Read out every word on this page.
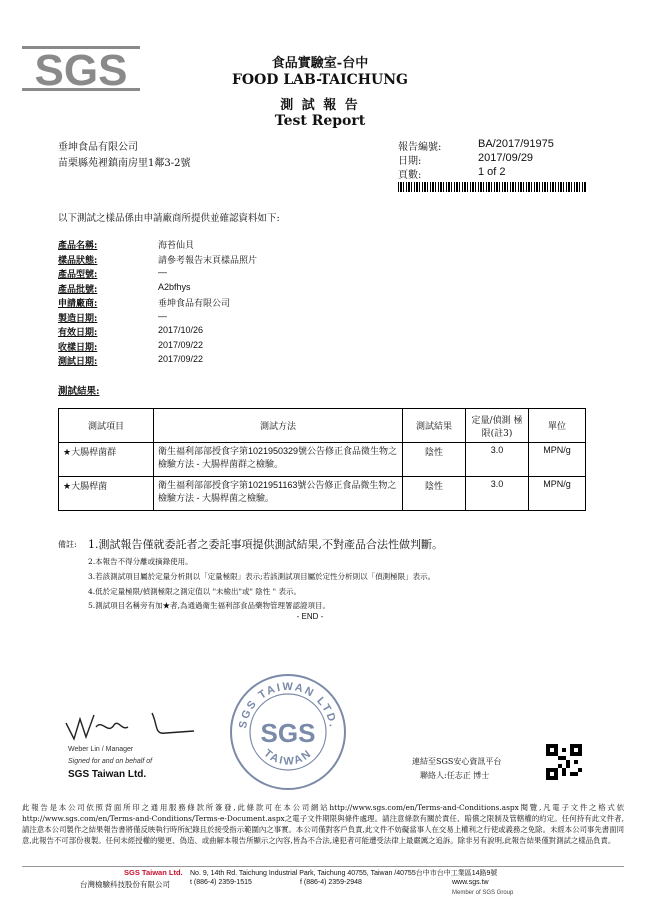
SGS	食品實驗室-台中
FOOD LAB-TAICHUNG
測 試 報 告
Test Report
垂坤食品有限公司
苗栗縣苑裡鎮南房里1鄰3-2號
報告編號:	BA/2017/91975
日期:	2017/09/29
頁數:	1 of 2
以下測試之樣品係由申請廠商所提供並確認資料如下:
產品名稱:	海苔仙貝
樣品狀態:	請參考報告末頁樣品照片
產品型號:	—
產品批號:	A2bfhys
申請廠商:	垂坤食品有限公司
製造日期:	—
有效日期:	2017/10/26
收樣日期:	2017/09/22
測試日期:	2017/09/22
測試結果:
測試項目	測試方法	測試結果	定量/偵測 極限(註3)	單位
★大腸桿菌群	衛生福利部部授食字第1021950329號公告修正食品微生物之檢驗方法 - 大腸桿菌群之檢驗。	陰性	3.0	MPN/g
★大腸桿菌	衛生福利部部授食字第1021951163號公告修正食品微生物之檢驗方法 - 大腸桿菌之檢驗。	陰性	3.0	MPN/g
備註: 1.測試報告僅就委託者之委託事項提供測試結果,不對產品合法性做判斷。
2.本報告不得分離或摘錄使用。
3.若該測試項目屬於定量分析則以「定量極限」表示;若該測試項目屬於定性分析則以「偵測極限」表示。
4.低於定量極限/偵測極限之測定值以 "未檢出"或" 陰性 " 表示。
5.測試項目名稱旁有加★者,為通過衛生福利部食品藥物管理署認證項目。
- END -
Weber Lin / Manager
Signed for and on behalf of
SGS Taiwan Ltd.
SGS TAIWAN LTD.
SGS
TAIWAN	連結至SGS安心資訊平台
聯絡人:任志正 博士
此報告是本公司依照背面所印之通用服務條款所簽發,此條款可在本公司網站http://www.sgs.com/en/Terms-and-Conditions.aspx閱覽,凡電子文件之格式依http://www.sgs.com/en/Terms-and-Conditions/Terms-e-Document.aspx之電子文件期限與條件處理。請注意條款有關於責任、賠償之限制及管轄權的約定。任何持有此文件者,請注意本公司製作之結果報告書將僅反映執行時所紀錄且於接受指示範圍內之事實。本公司僅對客戶負責,此文件不妨礙當事人在交易上權利之行使或義務之免除。未經本公司事先書面同意,此報告不可部份複製。任何未經授權的變更、偽造、或曲解本報告所顯示之內容,皆為不合法,違犯者可能遭受法律上最嚴厲之追訴。除非另有說明,此報告結果僅對測試之樣品負責。
SGS Taiwan Ltd.
台灣檢驗科技股份有限公司
No. 9, 14th Rd. Taichung Industrial Park, Taichung 40755, Taiwan /40755台中市台中工業區14路9號
t (886-4) 2359-1515	f (886-4) 2359-2948	www.sgs.tw
Member of SGS Group
